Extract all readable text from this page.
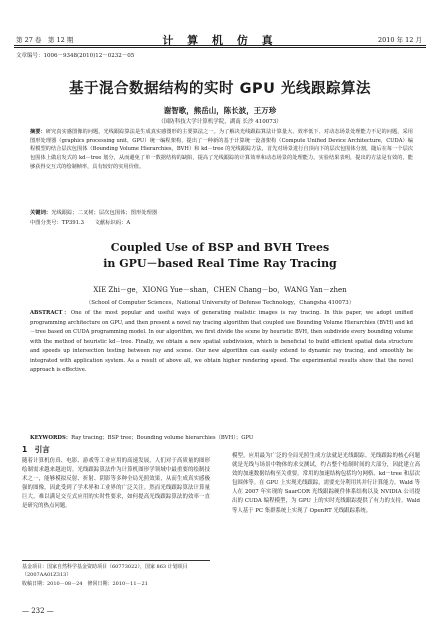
第 27 卷　第 12 期	计 算 机 仿 真	2010 年 12 月
文章编号：1006－9348(2010)12－0232－05
基于混合数据结构的实时 GPU 光线跟踪算法
谢智歌，熊岳山，陈长波，王万珍
（国防科技大学计算机学院，湖南 长沙 410073）
摘要：研究真实感图像的问题，光线跟踪算法是生成真实感图形的主要算法之一。为了解决光线跟踪算法计算量大、效率低下、对动态场景处理能力不足的问题，采用图形处理器（graphics processing unit，GPU）统一编程架构，提出了一种新的基于计算统一设备架构（Compute Unified Device Architecture，CUDA）编程模型的结合层次包围体（Bounding Volume Hierarchies，BVH）和 kd－tree 的光线跟踪方法，首先对场景进行自顶向下的层次包围体分割，随后在每一个层次包围体上做启发式的 kd－tree 划分，从而避免了单一数据结构的缺陷，提高了光线跟踪的计算效率和动态场景的处理能力。实验结果表明，提出的方法是有效的，能够获得交互式的绘制帧率，具有较好的实用价值。
关键词：光线跟踪；二叉树；层次包围体；图形处理器
中图分类号：TP391.3　　文献标识码：A
Coupled Use of BSP and BVH Trees
in GPU－based Real Time Ray Tracing
XIE Zhi－ge，XIONG Yue－shan，CHEN Chang－bo，WANG Yan－zhen
（School of Computer Sciences，National University of Defense Technology，Changsha 410073）
ABSTRACT：One of the most popular and useful ways of generating realistic images is ray tracing. In this paper, we adopt unified programming architecture on GPU, and then present a novel ray tracing algorithm that coupled use Bounding Volume Hierarchies (BVH) and kd－tree based on CUDA programming model. In our algorithm, we first divide the scene by heuristic BVH, then subdivide every bounding volume with the method of heuristic kd－tree. Finally, we obtain a new spatial subdivision, which is beneficial to build efficient spatial data structure and speeds up intersection testing between ray and scene. Our new algorithm can easily extend to dynamic ray tracing, and smoothly be integrated with application system. As a result of above all, we obtain higher rendering speed. The experimental results show that the novel approach is effective.
KEYWORDS：Ray tracing；BSP tree；Bounding volume hierarchies（BVH）；GPU
1　引言
随着计算机仿真、电影、游戏等工业应用的高速发展，人们对于高质量的图形绘制需求越来越迫切。光线跟踪算法作为计算机图形学领域中最重要的绘制技术之一，能够模拟反射、折射、阴影等多种全局光照效果，从而生成真实感极强的图像，因此受到了学术界和工业界的广泛关注。然而光线跟踪算法计算量巨大，难以满足交互式应用的实时性要求，如何提高光线跟踪算法的效率一直是研究的热点问题。
模型。应用最为广泛的全局光照生成方法就是光线跟踪。光线跟踪的核心问题就是光线与场景中物体的求交测试，约占整个绘制时间的大部分，因此建立高效的加速数据结构至关重要。常用的加速结构包括均匀网格、kd－tree 和层次包围体等。在 GPU 上实现光线跟踪，需要充分利用其并行计算能力。Wald 等人在 2007 年实现的 SaarCOR 光线跟踪硬件体系结构以及 NVIDIA 公司提出的 CUDA 编程模型，为 GPU 上的实时光线跟踪提供了有力的支持。Wald 等人基于 PC 集群系统上实现了 OpenRT 光线跟踪系统。
基金项目：国家自然科学基金资助项目（60773022），国家 863 计划项目（2007AA01Z313）
收稿日期：2010－08－24　修回日期：2010－11－21
— 232 —
